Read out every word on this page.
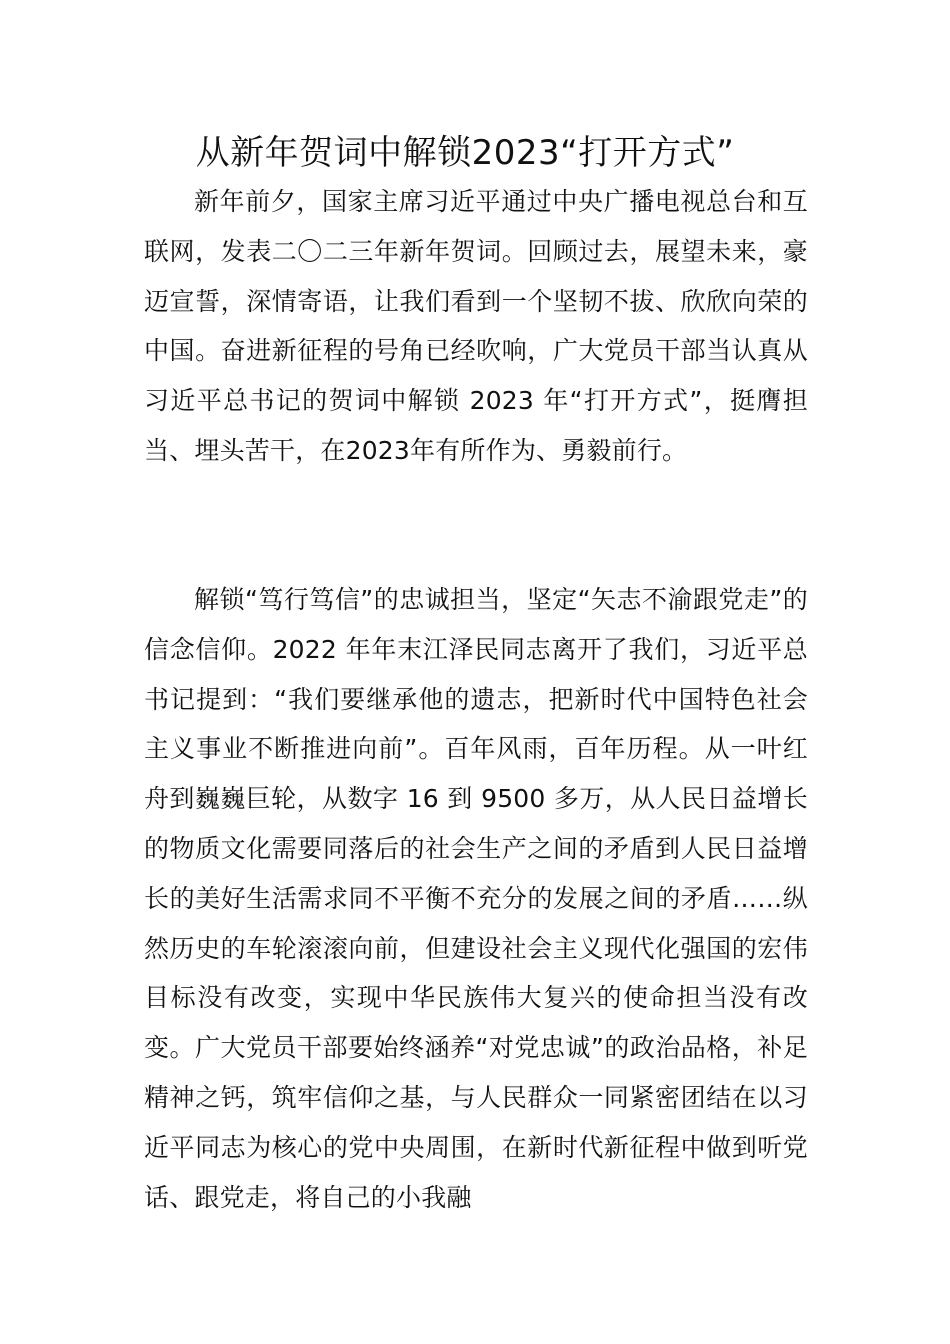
从新年贺词中解锁2023“打开方式”

新年前夕，国家主席习近平通过中央广播电视总台和互联网，发表二〇二三年新年贺词。回顾过去，展望未来，豪迈宣誓，深情寄语，让我们看到一个坚韧不拔、欣欣向荣的中国。奋进新征程的号角已经吹响，广大党员干部当认真从习近平总书记的贺词中解锁 2023 年“打开方式”，挺膺担当、埋头苦干，在2023年有所作为、勇毅前行。

解锁“笃行笃信”的忠诚担当，坚定“矢志不渝跟党走”的信念信仰。2022 年年末江泽民同志离开了我们，习近平总书记提到：“我们要继承他的遗志，把新时代中国特色社会主义事业不断推进向前”。百年风雨，百年历程。从一叶红舟到巍巍巨轮，从数字 16 到 9500 多万，从人民日益增长的物质文化需要同落后的社会生产之间的矛盾到人民日益增长的美好生活需求同不平衡不充分的发展之间的矛盾……纵然历史的车轮滚滚向前，但建设社会主义现代化强国的宏伟目标没有改变，实现中华民族伟大复兴的使命担当没有改变。广大党员干部要始终涵养“对党忠诚”的政治品格，补足精神之钙，筑牢信仰之基，与人民群众一同紧密团结在以习近平同志为核心的党中央周围，在新时代新征程中做到听党话、跟党走，将自己的小我融
